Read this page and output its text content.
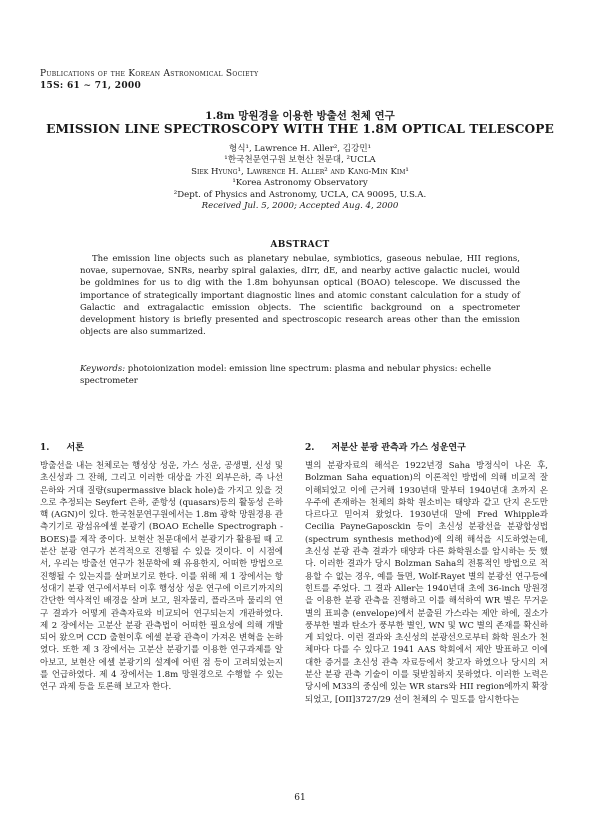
Publications of the Korean Astronomical Society
15S: 61 ∼ 71, 2000
1.8m 망원경을 이용한 방출선 천체 연구
EMISSION LINE SPECTROSCOPY WITH THE 1.8M OPTICAL TELESCOPE
형식¹, Lawrence H. Aller², 김강민¹
¹한국천문연구원 보현산 천문대, ²UCLA
Siek Hyung¹, Lawrence H. Aller² and Kang-Min Kim¹
¹Korea Astronomy Observatory
²Dept. of Physics and Astronomy, UCLA, CA 90095, U.S.A.
Received Jul. 5, 2000; Accepted Aug. 4, 2000
ABSTRACT
The emission line objects such as planetary nebulae, symbiotics, gaseous nebulae, HII regions, novae, supernovae, SNRs, nearby spiral galaxies, dIrr, dE, and nearby active galactic nuclei, would be goldmines for us to dig with the 1.8m bohyunsan optical (BOAO) telescope. We discussed the importance of strategically important diagnostic lines and atomic constant calculation for a study of Galactic and extragalactic emission objects. The scientific background on a spectrometer development history is briefly presented and spectroscopic research areas other than the emission objects are also summarized.
Keywords: photoionization model: emission line spectrum: plasma and nebular physics: echelle spectrometer
1. 서론	2. 저분산 분광 관측과 가스 성운연구

방출선을 내는 천체로는 행성상 성운, 가스 성운, 공생별, 신성 및 초신성과 그 잔해, 그리고 이러한 대상을 가진 외부은하, 즉 나선 은하와 거대 질량(supermassive black hole)을 가지고 있을 것으로 추정되는 Seyfert 은하, 준항성 (quasars)등의 활동성 은하핵 (AGN)이 있다. 한국천문연구원에서는 1.8m 광학 망원경용 관측기기로 광섬유에셀 분광기 (BOAO Echelle Spectrograph - BOES)를 제작 중이다. 보현산 천문대에서 분광기가 활용될 때 고분산 분광 연구가 본격적으로 진행될 수 있을 것이다. 이 시점에서, 우리는 방출선 연구가 천문학에 왜 유용한지, 어떠한 방법으로 진행될 수 있는지를 살펴보기로 한다. 이를 위해 제 1 장에서는 항성대기 분광 연구에서부터 이후 행성상 성운 연구에 이르기까지의 간단한 역사적인 배경을 살펴 보고, 원자물리, 플라즈마 물리의 연구 결과가 어떻게 관측자료와 비교되어 연구되는지 개관하였다. 제 2 장에서는 고분산 분광 관측법이 어떠한 필요성에 의해 개발되어 왔으며 CCD 출현이후 에셀 분광 관측이 가져온 변혁을 논하였다. 또한 제 3 장에서는 고분산 분광기를 이용한 연구과제를 알아보고, 보현산 에셀 분광기의 설계에 어떤 점 등이 고려되었는지를 언급하였다. 제 4 장에서는 1.8m 망원경으로 수행할 수 있는 연구 과제 등을 토론해 보고자 한다.

별의 분광자료의 해석은 1922년경 Saha 방정식이 나온 후, Bolzman Saha equation)의 이론적인 방법에 의해 비교적 잘 이해되었고 이에 근거해 1930년대 말부터 1940년대 초까지 온 우주에 존재하는 천체의 화학 원소비는 태양과 같고 단지 온도만 다르다고 믿어져 왔었다. 1930년대 말에 Fred Whipple과 Cecilia PayneGaposckin 등이 초신성 분광선을 분광합성법(spectrum synthesis method)에 의해 해석을 시도하였는데, 초신성 분광 관측 결과가 태양과 다른 화학원소를 암시하는 듯 했다. 이러한 결과가 당시 Bolzman Saha의 전통적인 방법으로 적용할 수 없는 경우, 예를 들면, Wolf-Rayet 별의 분광선 연구등에 힌트를 주었다. 그 결과 Aller는 1940년대 초에 36-inch 망원경을 이용한 분광 관측을 진행하고 이를 해석하여 WR 별은 무거운 별의 표피층 (envelope)에서 분출된 가스라는 제안 하에, 질소가 풍부한 별과 탄소가 풍부한 별인, WN 및 WC 별의 존재를 확신하게 되었다. 이런 결과와 초신성의 분광선으로부터 화학 원소가 천체마다 다를 수 있다고 1941 AAS 학회에서 제안 발표하고 이에 대한 증거를 초신성 관측 자료등에서 찾고자 하였으나 당시의 저분산 분광 관측 기술이 이를 뒷받침하지 못하였다. 이러한 노력은 당시에 M33의 중심에 있는 WR stars와 HII region에까지 확장되었고, [OII]3727/29 선이 천체의 수 밀도를 암시한다는

61
